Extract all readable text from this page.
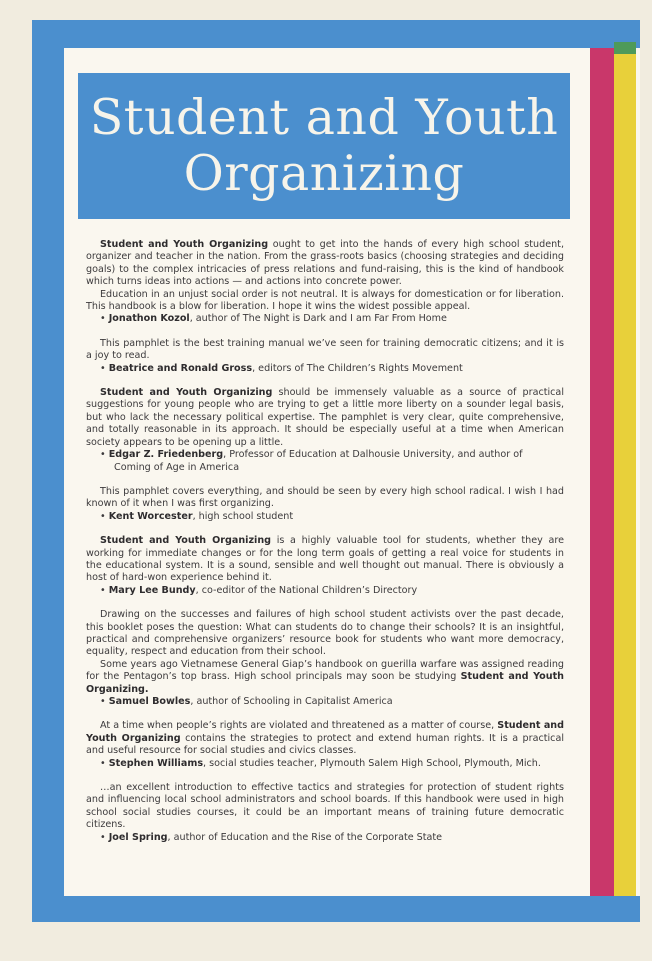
Student and Youth
Organizing

Student and Youth Organizing ought to get into the hands of every high school student, organizer and teacher in the nation. From the grass-roots basics (choosing strategies and deciding goals) to the complex intricacies of press relations and fund-raising, this is the kind of handbook which turns ideas into actions — and actions into concrete power.

Education in an unjust social order is not neutral. It is always for domestication or for liberation. This handbook is a blow for liberation. I hope it wins the widest possible appeal.

• Jonathon Kozol, author of The Night is Dark and I am Far From Home

This pamphlet is the best training manual we’ve seen for training democratic citizens; and it is a joy to read.

• Beatrice and Ronald Gross, editors of The Children’s Rights Movement

Student and Youth Organizing should be immensely valuable as a source of practical suggestions for young people who are trying to get a little more liberty on a sounder legal basis, but who lack the necessary political expertise. The pamphlet is very clear, quite comprehensive, and totally reasonable in its approach. It should be especially useful at a time when American society appears to be opening up a little.

• Edgar Z. Friedenberg, Professor of Education at Dalhousie University, and author of

Coming of Age in America

This pamphlet covers everything, and should be seen by every high school radical. I wish I had known of it when I was first organizing.

• Kent Worcester, high school student

Student and Youth Organizing is a highly valuable tool for students, whether they are working for immediate changes or for the long term goals of getting a real voice for students in the educational system. It is a sound, sensible and well thought out manual. There is obviously a host of hard-won experience behind it.

• Mary Lee Bundy, co-editor of the National Children’s Directory

Drawing on the successes and failures of high school student activists over the past decade, this booklet poses the question: What can students do to change their schools? It is an insightful, practical and comprehensive organizers’ resource book for students who want more democracy, equality, respect and education from their school.

Some years ago Vietnamese General Giap’s handbook on guerilla warfare was assigned reading for the Pentagon’s top brass. High school principals may soon be studying Student and Youth Organizing.

• Samuel Bowles, author of Schooling in Capitalist America

At a time when people’s rights are violated and threatened as a matter of course, Student and Youth Organizing contains the strategies to protect and extend human rights. It is a practical and useful resource for social studies and civics classes.

• Stephen Williams, social studies teacher, Plymouth Salem High School, Plymouth, Mich.

…an excellent introduction to effective tactics and strategies for protection of student rights and influencing local school administrators and school boards. If this handbook were used in high school social studies courses, it could be an important means of training future democratic citizens.

• Joel Spring, author of Education and the Rise of the Corporate State
